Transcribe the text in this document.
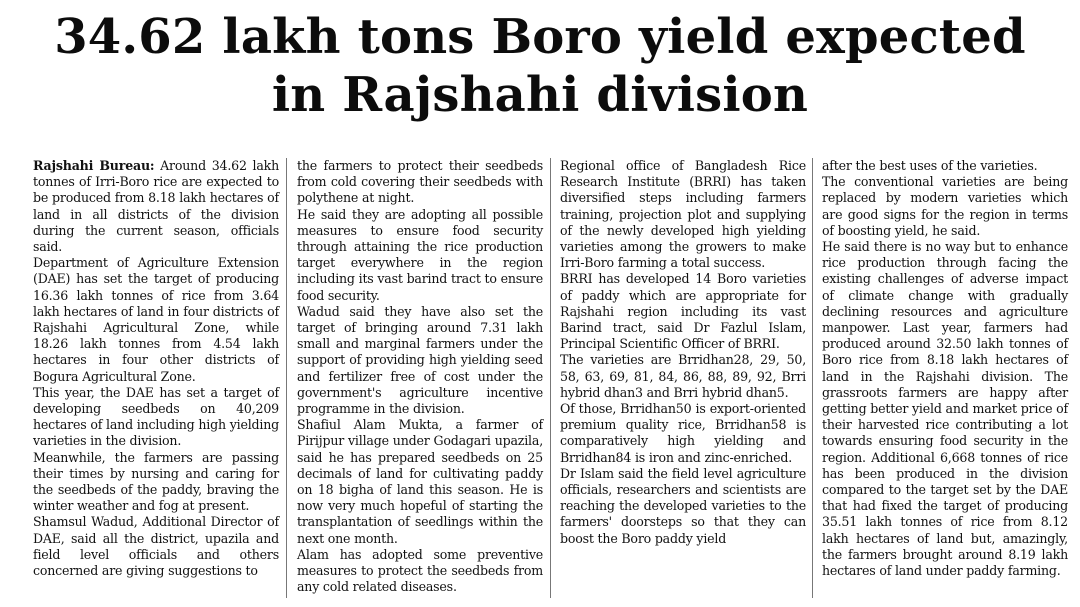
34.62 lakh tons Boro yield expected
in Rajshahi division

Rajshahi Bureau: Around 34.62 lakh tonnes of Irri-Boro rice are expected to be produced from 8.18 lakh hectares of land in all districts of the division during the current season, officials said.

Department of Agriculture Extension (DAE) has set the target of producing 16.36 lakh tonnes of rice from 3.64 lakh hectares of land in four districts of Rajshahi Agricultural Zone, while 18.26 lakh tonnes from 4.54 lakh hectares in four other districts of Bogura Agricultural Zone.

This year, the DAE has set a target of developing seedbeds on 40,209 hectares of land including high yielding varieties in the division.

Meanwhile, the farmers are passing their times by nursing and caring for the seedbeds of the paddy, braving the winter weather and fog at present.

Shamsul Wadud, Additional Director of DAE, said all the district, upazila and field level officials and others concerned are giving suggestions to

the farmers to protect their seedbeds from cold covering their seedbeds with polythene at night.

He said they are adopting all possible measures to ensure food security through attaining the rice production target everywhere in the region including its vast barind tract to ensure food security.

Wadud said they have also set the target of bringing around 7.31 lakh small and marginal farmers under the support of providing high yielding seed and fertilizer free of cost under the government's agriculture incentive programme in the division.

Shafiul Alam Mukta, a farmer of Pirijpur village under Godagari upazila, said he has prepared seedbeds on 25 decimals of land for cultivating paddy on 18 bigha of land this season. He is now very much hopeful of starting the transplantation of seedlings within the next one month.

Alam has adopted some preventive measures to protect the seedbeds from any cold related diseases.

Regional office of Bangladesh Rice Research Institute (BRRI) has taken diversified steps including farmers training, projection plot and supplying of the newly developed high yielding varieties among the growers to make Irri-Boro farming a total success.

BRRI has developed 14 Boro varieties of paddy which are appropriate for Rajshahi region including its vast Barind tract, said Dr Fazlul Islam, Principal Scientific Officer of BRRI.

The varieties are Brridhan28, 29, 50, 58, 63, 69, 81, 84, 86, 88, 89, 92, Brri hybrid dhan3 and Brri hybrid dhan5.

Of those, Brridhan50 is export-oriented premium quality rice, Brridhan58 is comparatively high yielding and Brridhan84 is iron and zinc-enriched.

Dr Islam said the field level agriculture officials, researchers and scientists are reaching the developed varieties to the farmers' doorsteps so that they can boost the Boro paddy yield

after the best uses of the varieties.

The conventional varieties are being replaced by modern varieties which are good signs for the region in terms of boosting yield, he said.

He said there is no way but to enhance rice production through facing the existing challenges of adverse impact of climate change with gradually declining resources and agriculture manpower. Last year, farmers had produced around 32.50 lakh tonnes of Boro rice from 8.18 lakh hectares of land in the Rajshahi division. The grassroots farmers are happy after getting better yield and market price of their harvested rice contributing a lot towards ensuring food security in the region. Additional 6,668 tonnes of rice has been produced in the division compared to the target set by the DAE that had fixed the target of producing 35.51 lakh tonnes of rice from 8.12 lakh hectares of land but, amazingly, the farmers brought around 8.19 lakh hectares of land under paddy farming.
